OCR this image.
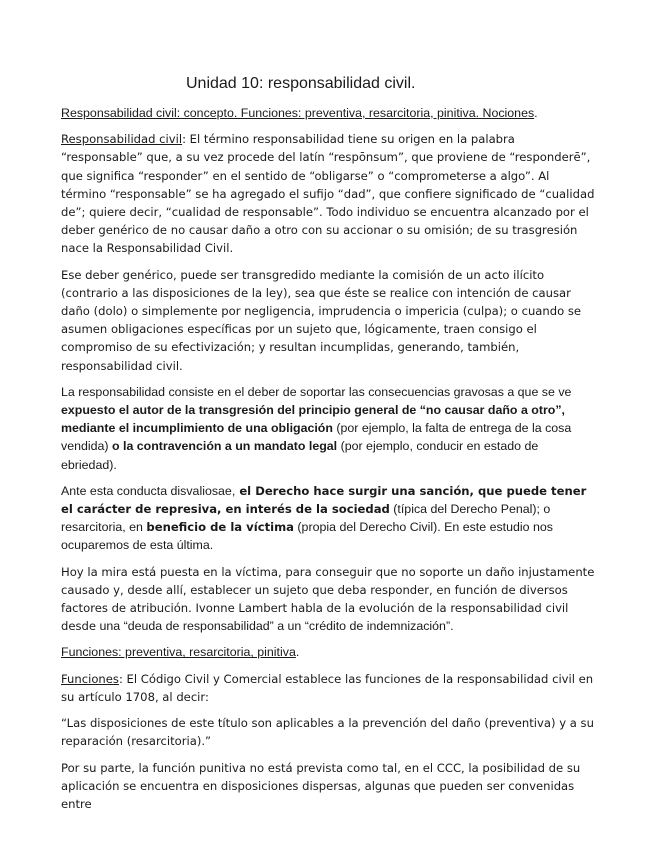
Unidad 10: responsabilidad civil.

Responsabilidad civil: concepto. Funciones: preventiva, resarcitoria, pinitiva. Nociones.

Responsabilidad civil: El término responsabilidad tiene su origen en la palabra “responsable” que, a su vez procede del latín “respōnsum”, que proviene de “responderē”, que significa “responder” en el sentido de “obligarse” o “comprometerse a algo”. Al término “responsable” se ha agregado el sufijo “dad”, que confiere significado de “cualidad de”; quiere decir, “cualidad de responsable”. Todo individuo se encuentra alcanzado por el deber genérico de no causar daño a otro con su accionar o su omisión; de su trasgresión nace la Responsabilidad Civil.

Ese deber genérico, puede ser transgredido mediante la comisión de un acto ilícito (contrario a las disposiciones de la ley), sea que éste se realice con intención de causar daño (dolo) o simplemente por negligencia, imprudencia o impericia (culpa); o cuando se asumen obligaciones específicas por un sujeto que, lógicamente, traen consigo el compromiso de su efectivización; y resultan incumplidas, generando, también, responsabilidad civil.

La responsabilidad consiste en el deber de soportar las consecuencias gravosas a que se ve expuesto el autor de la transgresión del principio general de “no causar daño a otro”, mediante el incumplimiento de una obligación (por ejemplo, la falta de entrega de la cosa vendida) o la contravención a un mandato legal (por ejemplo, conducir en estado de ebriedad).

Ante esta conducta disvaliosae, el Derecho hace surgir una sanción, que puede tener el carácter de represiva, en interés de la sociedad (típica del Derecho Penal); o resarcitoria, en beneficio de la víctima (propia del Derecho Civil). En este estudio nos ocuparemos de esta última.

Hoy la mira está puesta en la víctima, para conseguir que no soporte un daño injustamente causado y, desde allí, establecer un sujeto que deba responder, en función de diversos factores de atribución. Ivonne Lambert habla de la evolución de la responsabilidad civil desde una “deuda de responsabilidad” a un “crédito de indemnización”.

Funciones: preventiva, resarcitoria, pinitiva.

Funciones: El Código Civil y Comercial establece las funciones de la responsabilidad civil en su artículo 1708, al decir:

“Las disposiciones de este título son aplicables a la prevención del daño (preventiva) y a su reparación (resarcitoria).”

Por su parte, la función punitiva no está prevista como tal, en el CCC, la posibilidad de su aplicación se encuentra en disposiciones dispersas, algunas que pueden ser convenidas entre
